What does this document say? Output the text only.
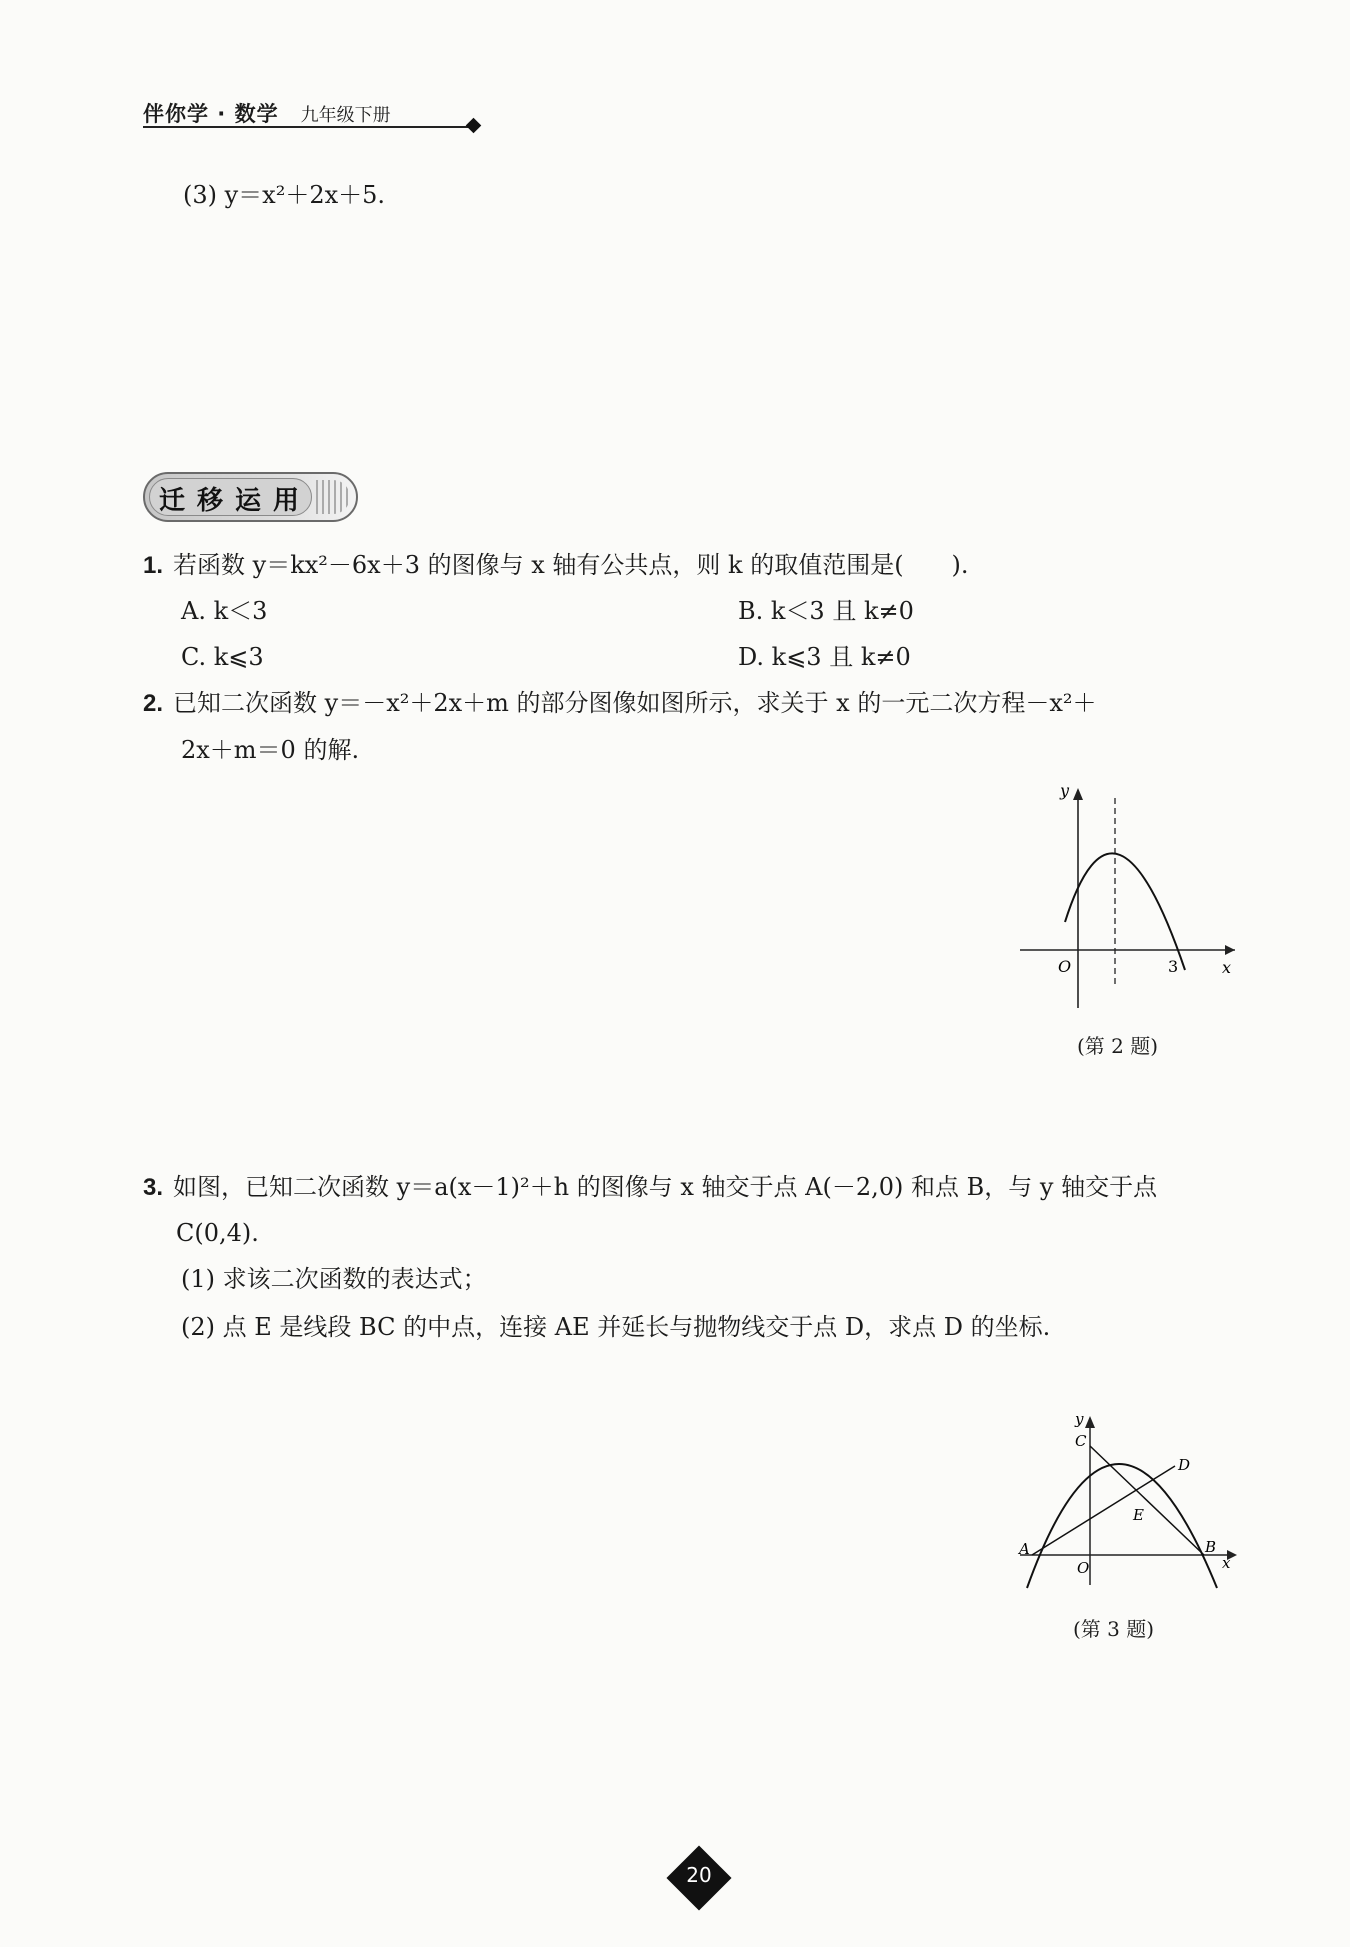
伴你学 · 数学 九年级下册
(3) y＝x²＋2x＋5.
迁移运用
1. 若函数 y＝kx²－6x＋3 的图像与 x 轴有公共点，则 k 的取值范围是(　　).
A. k＜3	B. k＜3 且 k≠0
C. k⩽3	D. k⩽3 且 k≠0
2. 已知二次函数 y＝－x²＋2x＋m 的部分图像如图所示，求关于 x 的一元二次方程－x²＋
2x＋m＝0 的解.
y
x
O	3
(第 2 题)
3. 如图，已知二次函数 y＝a(x－1)²＋h 的图像与 x 轴交于点 A(－2,0) 和点 B，与 y 轴交于点
C(0,4).
(1) 求该二次函数的表达式；
(2) 点 E 是线段 BC 的中点，连接 AE 并延长与抛物线交于点 D，求点 D 的坐标.
y
x
O
A	B
C
D
E
(第 3 题)
20
